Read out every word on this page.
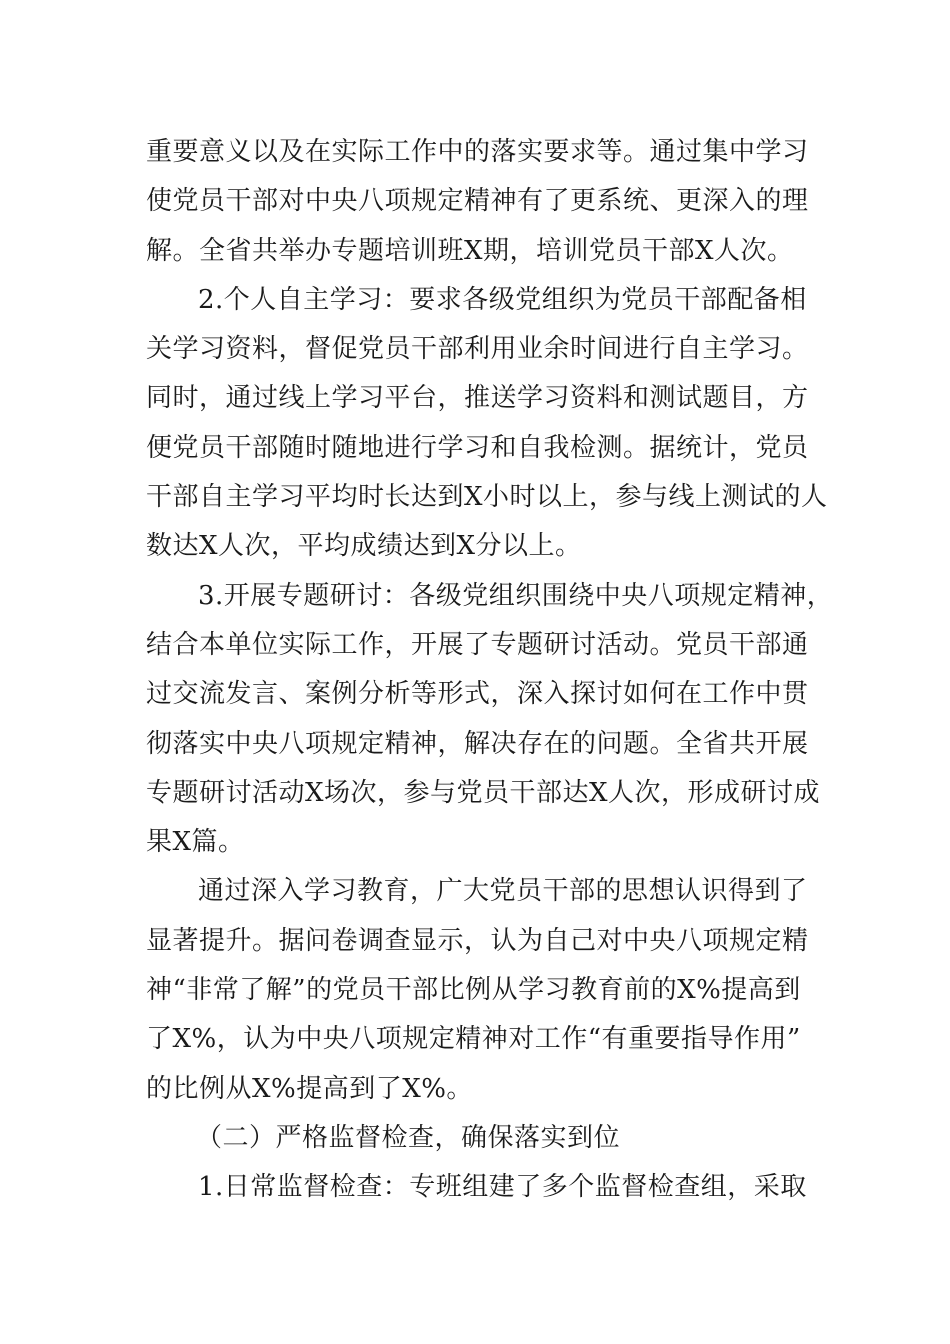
重要意义以及在实际工作中的落实要求等。通过集中学习
使党员干部对中央八项规定精神有了更系统、更深入的理
解。全省共举办专题培训班X期，培训党员干部X人次。
2.个人自主学习：要求各级党组织为党员干部配备相
关学习资料，督促党员干部利用业余时间进行自主学习。
同时，通过线上学习平台，推送学习资料和测试题目，方
便党员干部随时随地进行学习和自我检测。据统计，党员
干部自主学习平均时长达到X小时以上，参与线上测试的人
数达X人次，平均成绩达到X分以上。
3.开展专题研讨：各级党组织围绕中央八项规定精神，
结合本单位实际工作，开展了专题研讨活动。党员干部通
过交流发言、案例分析等形式，深入探讨如何在工作中贯
彻落实中央八项规定精神，解决存在的问题。全省共开展
专题研讨活动X场次，参与党员干部达X人次，形成研讨成
果X篇。
通过深入学习教育，广大党员干部的思想认识得到了
显著提升。据问卷调查显示，认为自己对中央八项规定精
神“非常了解”的党员干部比例从学习教育前的X%提高到
了X%，认为中央八项规定精神对工作“有重要指导作用”
的比例从X%提高到了X%。
（二）严格监督检查，确保落实到位
1.日常监督检查：专班组建了多个监督检查组，采取
